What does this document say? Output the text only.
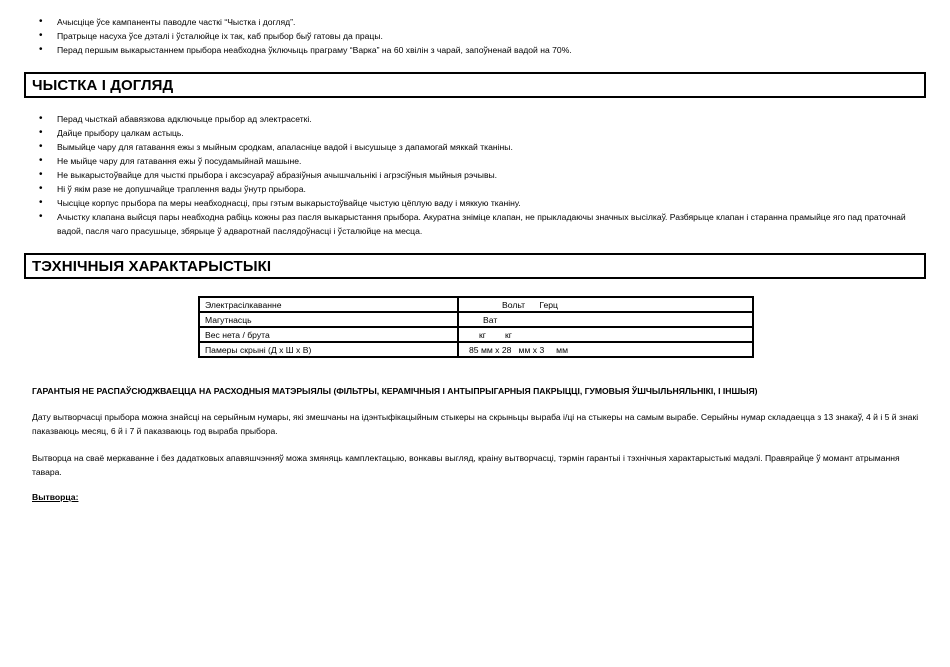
• Ачысціце ўсе кампаненты паводле часткі “Чыстка і догляд”.
• Пратрыце насуха ўсе дэталі і ўсталюйце іх так, каб прыбор быў гатовы да працы.
• Перад першым выкарыстаннем прыбора неабходна ўключыць праграму “Варка” на 60 хвілін з чарай, запоўненай вадой на 70%.
ЧЫСТКА І ДОГЛЯД
• Перад чысткай абавязкова адключыце прыбор ад электрасеткі.
• Дайце прыбору цалкам астыць.
• Вымыйце чару для гатавання ежы з мыйным сродкам, апаласніце вадой і высушыце з дапамогай мяккай тканіны.
• Не мыйце чару для гатавання ежы ў посудамыйнай машыне.
• Не выкарыстоўвайце для чысткі прыбора і аксэсуараў абразіўныя ачышчальнікі і агрэсіўныя мыйныя рэчывы.
• Ні ў якім разе не допушчайце траплення вады ўнутр прыбора.
• Чысціце корпус прыбора па меры неабходнасці, пры гэтым выкарыстоўвайце чыстую цёплую ваду і мяккую тканіну.
• Ачыстку клапана выйсця пары неабходна рабіць кожны раз пасля выкарыстання прыбора. Акуратна зніміце клапан, не прыкладаючы значных высілкаў. Разбярыце клапан і старанна прамыйце яго пад праточнай вадой, пасля чаго прасушыце, збярыце ў адваротнай паслядоўнасці і ўсталюйце на месца.
ТЭХНІЧНЫЯ ХАРАКТАРЫСТЫКІ
Электрасілкаванне	Вольт      Герц
Магутнасць	Ват
Вес нета / брута	кг        кг
Памеры скрыні (Д х Ш х В)	85 мм х 28   мм х 3     мм
ГАРАНТЫЯ НЕ РАСПАЎСЮДЖВАЕЦЦА НА РАСХОДНЫЯ МАТЭРЫЯЛЫ (ФІЛЬТРЫ, КЕРАМІЧНЫЯ І АНТЫПРЫГАРНЫЯ ПАКРЫЦЦІ, ГУМОВЫЯ ЎШЧЫЛЬНЯЛЬНІКІ, І ІНШЫЯ)
Дату вытворчасці прыбора можна знайсці на серыйным нумары, які змешчаны на ідэнтыфікацыйным стыкеры на скрыньцы выраба і/ці на стыкеры на самым вырабе. Серыйны нумар складаецца з 13 знакаў, 4 й і 5 й знакі паказваюць месяц, 6 й і 7 й паказваюць год выраба прыбора.
Вытворца на сваё меркаванне і без дадатковых апавяшчэнняў можа змяняць камплектацыю, вонкавы выгляд, краіну вытворчасці, тэрмін гарантыі і тэхнічныя характарыстыкі мадэлі. Правярайце ў момант атрымання тавара.
Вытворца:
